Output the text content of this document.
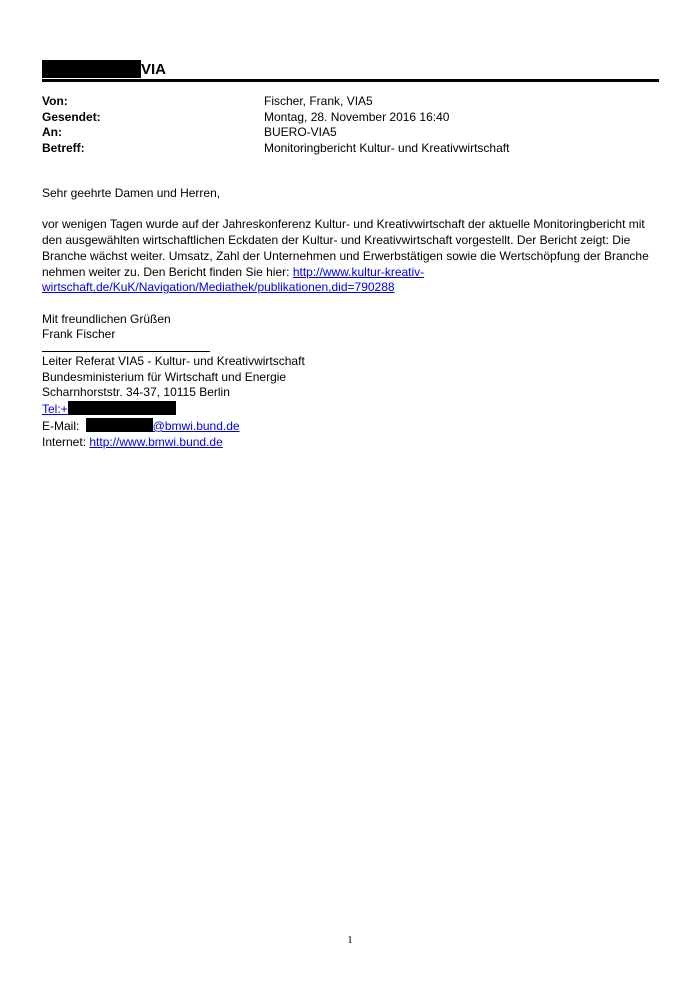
VIA
Von:	Fischer, Frank, VIA5
Gesendet:	Montag, 28. November 2016 16:40
An:	BUERO-VIA5
Betreff:	Monitoringbericht Kultur- und Kreativwirtschaft

Sehr geehrte Damen und Herren,

vor wenigen Tagen wurde auf der Jahreskonferenz Kultur- und Kreativwirtschaft der aktuelle Monitoringbericht mit den ausgewählten wirtschaftlichen Eckdaten der Kultur- und Kreativwirtschaft vorgestellt. Der Bericht zeigt: Die Branche wächst weiter. Umsatz, Zahl der Unternehmen und Erwerbstätigen sowie die Wertschöpfung der Branche nehmen weiter zu. Den Bericht finden Sie hier: http://www.kultur-kreativ-
wirtschaft.de/KuK/Navigation/Mediathek/publikationen,did=790288

Mit freundlichen Grüßen

Frank Fischer

Leiter Referat VIA5 - Kultur- und Kreativwirtschaft

Bundesministerium für Wirtschaft und Energie

Scharnhorststr. 34-37, 10115 Berlin

Tel:+

E-Mail:	@bmwi.bund.de

Internet: http://www.bmwi.bund.de

1
